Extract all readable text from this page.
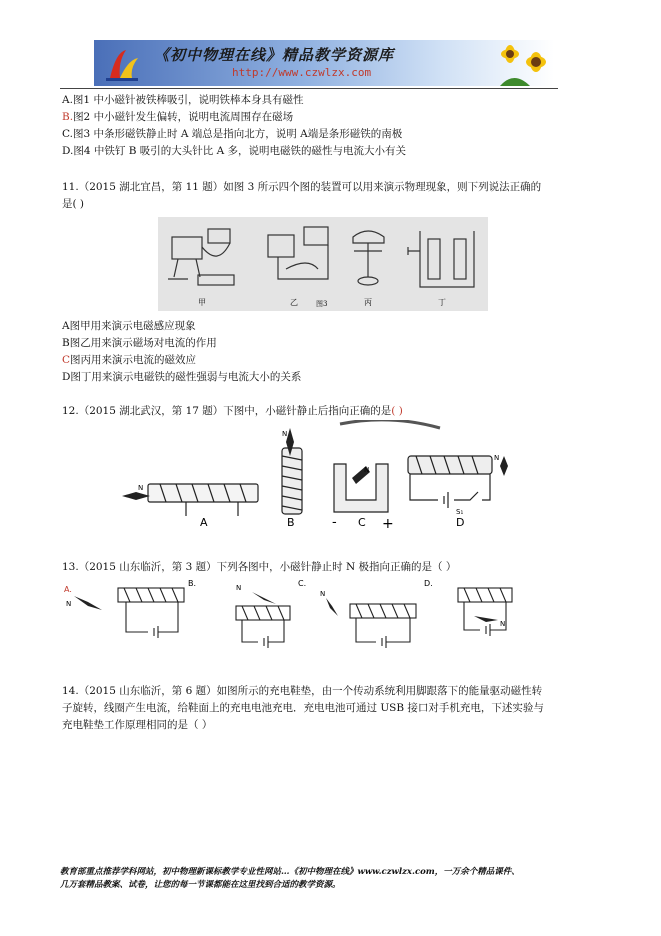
《初中物理在线》精品教学资源库
http://www.czwlzx.com
A.图1 中小磁针被铁棒吸引，说明铁棒本身具有磁性
B.图2 中小磁针发生偏转，说明电流周围存在磁场
C.图3 中条形磁铁静止时 A 端总是指向北方，说明 A端是条形磁铁的南极
D.图4 中铁钉 B 吸引的大头针比 A 多，说明电磁铁的磁性与电流大小有关
11.（2015 湖北宜昌，第 11 题）如图 3 所示四个图的装置可以用来演示物理现象，则下列说法正确的
是( )
甲	乙	丙	丁
图3
A图甲用来演示电磁感应现象
B图乙用来演示磁场对电流的作用
C图丙用来演示电流的磁效应
D图丁用来演示电磁铁的磁性强弱与电流大小的关系
12.（2015 湖北武汉，第 17 题）下图中，小磁针静止后指向正确的是( )
N
N
N
N
A	B	C
-	+	D
S₁
13.（2015 山东临沂，第 3 题）下列各图中，小磁针静止时 N 极指向正确的是（ ）
A.
B.	C.	D.
N
N
N
N
14.（2015 山东临沂，第 6 题）如图所示的充电鞋垫，由一个传动系统利用脚跟落下的能量驱动磁性转
子旋转，线圈产生电流，给鞋面上的充电电池充电．充电电池可通过 USB 接口对手机充电，下述实验与
充电鞋垫工作原理相同的是（ ）
教育部重点推荐学科网站，初中物理新课标教学专业性网站…《初中物理在线》www.czwlzx.com，一万余个精品课件、
几万套精品教案、试卷，让您的每一节课都能在这里找到合适的教学资源。
